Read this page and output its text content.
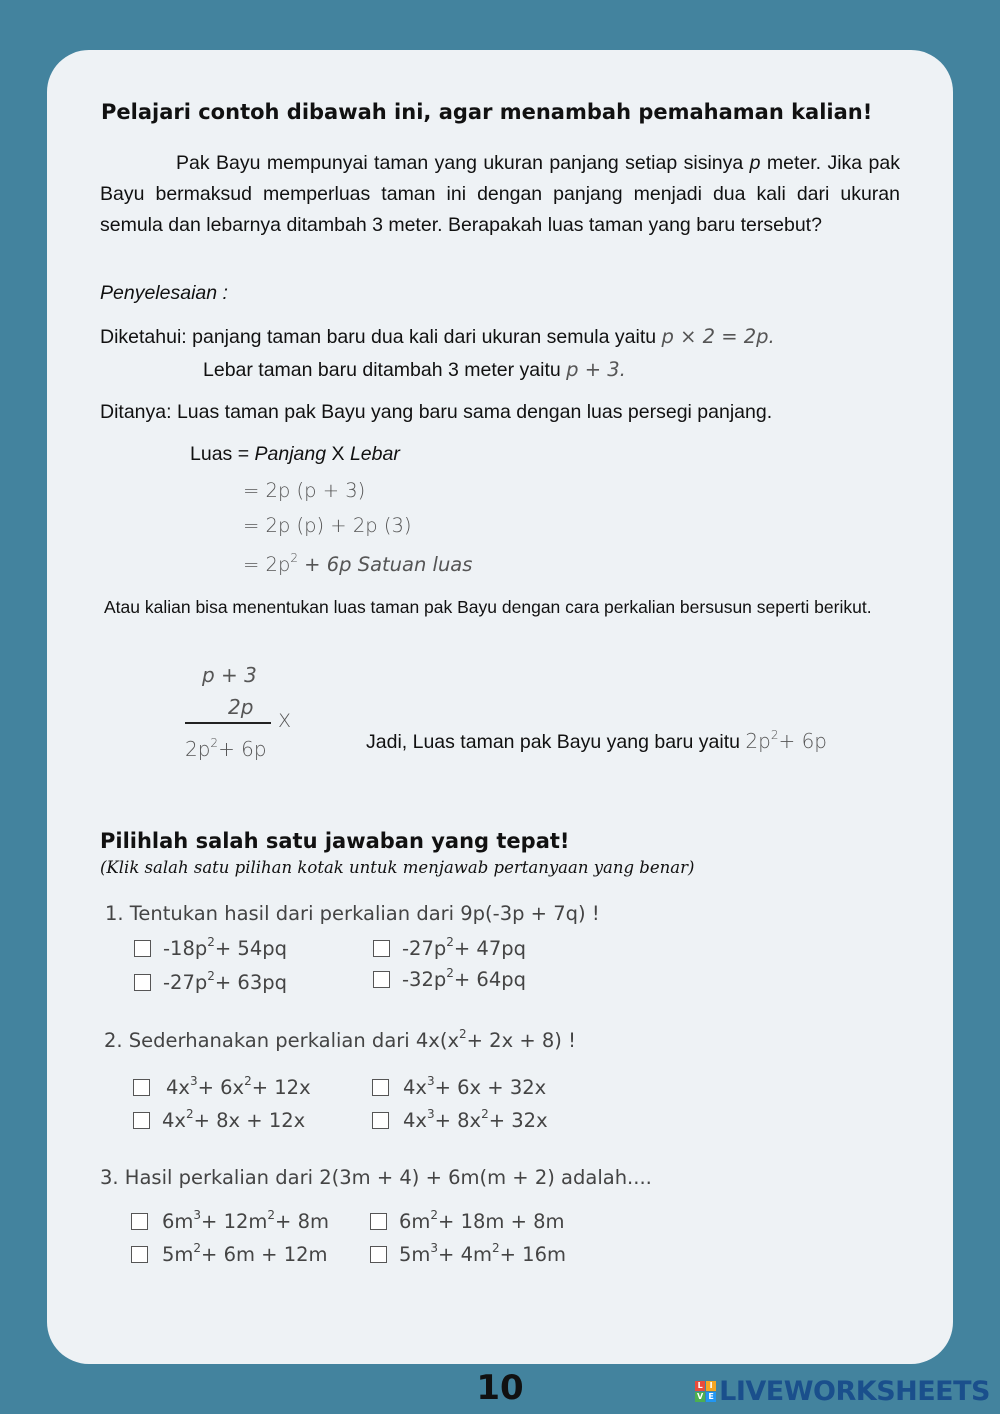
Pelajari contoh dibawah ini, agar menambah pemahaman kalian!
Pak Bayu mempunyai taman yang ukuran panjang setiap sisinya p meter. Jika pak Bayu bermaksud memperluas taman ini dengan panjang menjadi dua kali dari ukuran semula dan lebarnya ditambah 3 meter. Berapakah luas taman yang baru tersebut?
Penyelesaian :
Diketahui: panjang taman baru dua kali dari ukuran semula yaitu p × 2 = 2p.
Lebar taman baru ditambah 3 meter yaitu p + 3.
Ditanya: Luas taman pak Bayu yang baru sama dengan luas persegi panjang.
Luas = Panjang X Lebar
= 2p (p + 3)
= 2p (p) + 2p (3)
= $2p^2 + 6p$ Satuan luas
Atau kalian bisa menentukan luas taman pak Bayu dengan cara perkalian bersusun seperti berikut.
p + 3
2p
X
$2p^2+ 6p$	Jadi, Luas taman pak Bayu yang baru yaitu $2p^2+ 6p$
Pilihlah salah satu jawaban yang tepat!
(Klik salah satu pilihan kotak untuk menjawab pertanyaan yang benar)
1. Tentukan hasil dari perkalian dari 9p(-3p + 7q) !
$-18p^2+ 54pq$	$-27p^2+ 47pq$
$-27p^2+ 63pq$	$-32p^2+ 64pq$
2. Sederhanakan perkalian dari $4x(x^2+ 2x + 8)$ !
$4x^3+ 6x^2+ 12x$	$4x^3+ 6x + 32x$
$4x^2+ 8x + 12x$	$4x^3+ 8x^2+ 32x$
3. Hasil perkalian dari 2(3m + 4) + 6m(m + 2) adalah....
$6m^3+ 12m^2+ 8m$	$6m^2+ 18m + 8m$
$5m^2+ 6m + 12m$	$5m^3+ 4m^2+ 16m$
10	L I
V E LIVEWORKSHEETS
